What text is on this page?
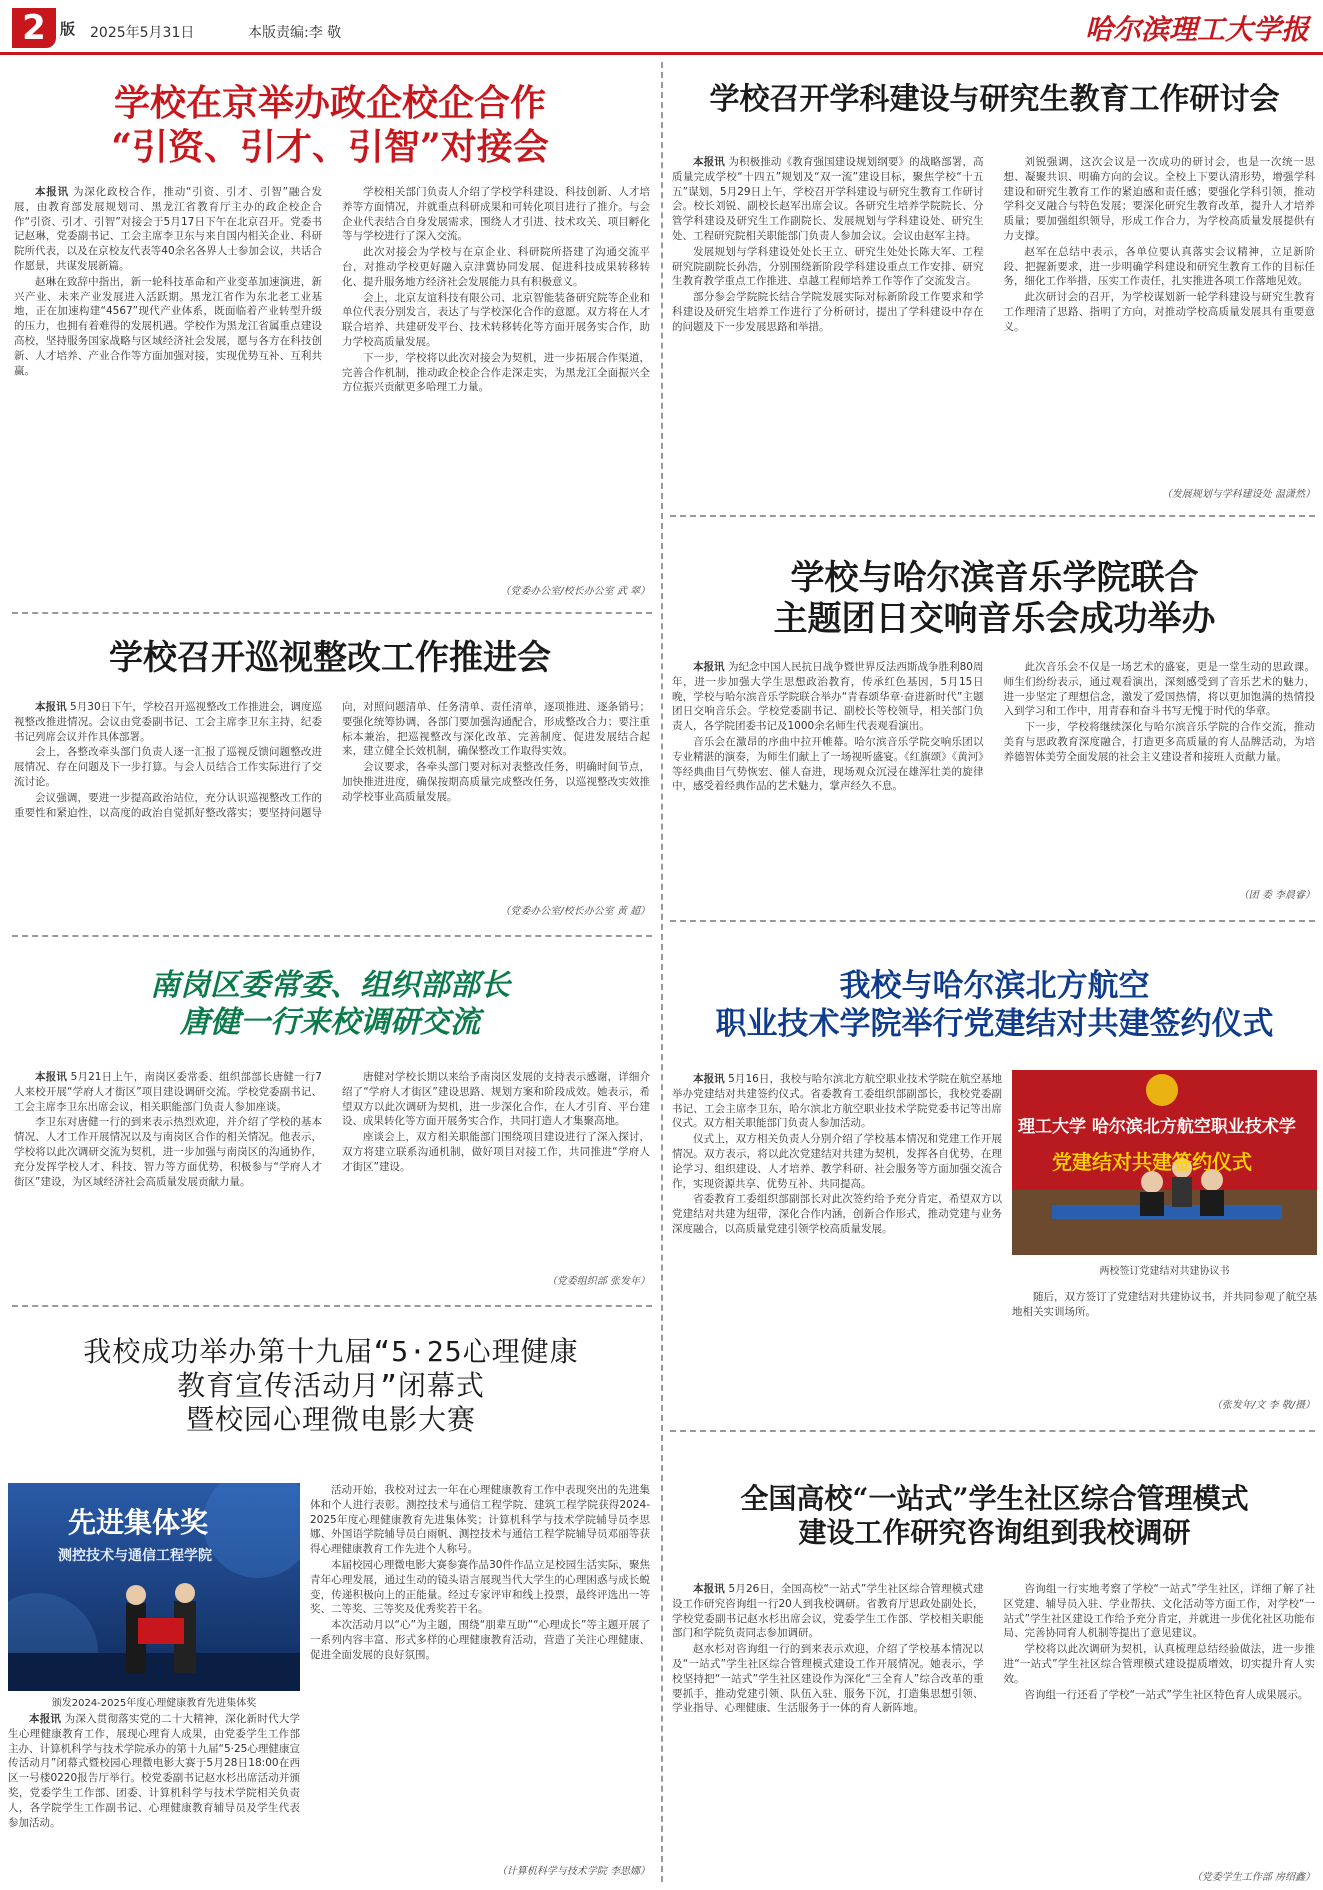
2 版 2025年5月31日	本版责编:李 敬	哈尔滨理工大学报
学校在京举办政企校企合作
“引资、引才、引智”对接会

本报讯 为深化政校合作，推动“引资、引才、引智”融合发展，由教育部发展规划司、黑龙江省教育厅主办的政企校企合作“引资、引才、引智”对接会于5月17日下午在北京召开。党委书记赵琳，党委副书记、工会主席李卫东与来自国内相关企业、科研院所代表，以及在京校友代表等40余名各界人士参加会议，共话合作愿景，共谋发展新篇。

赵琳在致辞中指出，新一轮科技革命和产业变革加速演进，新兴产业、未来产业发展进入活跃期。黑龙江省作为东北老工业基地，正在加速构建“4567”现代产业体系，既面临着产业转型升级的压力，也拥有着难得的发展机遇。学校作为黑龙江省属重点建设高校，坚持服务国家战略与区域经济社会发展，愿与各方在科技创新、人才培养、产业合作等方面加强对接，实现优势互补、互利共赢。

学校相关部门负责人介绍了学校学科建设、科技创新、人才培养等方面情况，并就重点科研成果和可转化项目进行了推介。与会企业代表结合自身发展需求，围绕人才引进、技术攻关、项目孵化等与学校进行了深入交流。

此次对接会为学校与在京企业、科研院所搭建了沟通交流平台，对推动学校更好融入京津冀协同发展、促进科技成果转移转化、提升服务地方经济社会发展能力具有积极意义。

会上，北京友谊科技有限公司、北京智能装备研究院等企业和单位代表分别发言，表达了与学校深化合作的意愿。双方将在人才联合培养、共建研发平台、技术转移转化等方面开展务实合作，助力学校高质量发展。

下一步，学校将以此次对接会为契机，进一步拓展合作渠道，完善合作机制，推动政企校企合作走深走实，为黑龙江全面振兴全方位振兴贡献更多哈理工力量。

（党委办公室/校长办公室 武 翠）
学校召开巡视整改工作推进会

本报讯 5月30日下午，学校召开巡视整改工作推进会，调度巡视整改推进情况。会议由党委副书记、工会主席李卫东主持，纪委书记列席会议并作具体部署。

会上，各整改牵头部门负责人逐一汇报了巡视反馈问题整改进展情况、存在问题及下一步打算。与会人员结合工作实际进行了交流讨论。

会议强调，要进一步提高政治站位，充分认识巡视整改工作的重要性和紧迫性，以高度的政治自觉抓好整改落实；要坚持问题导向，对照问题清单、任务清单、责任清单，逐项推进、逐条销号；要强化统筹协调，各部门要加强沟通配合，形成整改合力；要注重标本兼治，把巡视整改与深化改革、完善制度、促进发展结合起来，建立健全长效机制，确保整改工作取得实效。

会议要求，各牵头部门要对标对表整改任务，明确时间节点，加快推进进度，确保按期高质量完成整改任务，以巡视整改实效推动学校事业高质量发展。

（党委办公室/校长办公室 黄 超）
南岗区委常委、组织部部长
唐健一行来校调研交流

本报讯 5月21日上午，南岗区委常委、组织部部长唐健一行7人来校开展“学府人才街区”项目建设调研交流。学校党委副书记、工会主席李卫东出席会议，相关职能部门负责人参加座谈。

李卫东对唐健一行的到来表示热烈欢迎，并介绍了学校的基本情况、人才工作开展情况以及与南岗区合作的相关情况。他表示，学校将以此次调研交流为契机，进一步加强与南岗区的沟通协作，充分发挥学校人才、科技、智力等方面优势，积极参与“学府人才街区”建设，为区域经济社会高质量发展贡献力量。

唐健对学校长期以来给予南岗区发展的支持表示感谢，详细介绍了“学府人才街区”建设思路、规划方案和阶段成效。她表示，希望双方以此次调研为契机，进一步深化合作，在人才引育、平台建设、成果转化等方面开展务实合作，共同打造人才集聚高地。

座谈会上，双方相关职能部门围绕项目建设进行了深入探讨，双方将建立联系沟通机制，做好项目对接工作，共同推进“学府人才街区”建设。

（党委组织部 张发年）
我校成功举办第十九届“5·25心理健康
教育宣传活动月”闭幕式
暨校园心理微电影大赛
先进集体奖
测控技术与通信工程学院
颁发2024-2025年度心理健康教育先进集体奖

活动开始，我校对过去一年在心理健康教育工作中表现突出的先进集体和个人进行表彰。测控技术与通信工程学院、建筑工程学院获得2024-2025年度心理健康教育先进集体奖；计算机科学与技术学院辅导员李思娜、外国语学院辅导员白雨帆、测控技术与通信工程学院辅导员邓丽等获得心理健康教育工作先进个人称号。

本届校园心理微电影大赛参赛作品30件作品立足校园生活实际，聚焦青年心理发展，通过生动的镜头语言展现当代大学生的心理困惑与成长蜕变，传递积极向上的正能量。经过专家评审和线上投票，最终评选出一等奖、二等奖、三等奖及优秀奖若干名。

本次活动月以“心”为主题，围绕“朋辈互助”“心理成长”等主题开展了一系列内容丰富、形式多样的心理健康教育活动，营造了关注心理健康、促进全面发展的良好氛围。

本报讯 为深入贯彻落实党的二十大精神，深化新时代大学生心理健康教育工作，展现心理育人成果，由党委学生工作部主办、计算机科学与技术学院承办的第十九届“5·25心理健康宣传活动月”闭幕式暨校园心理微电影大赛于5月28日18:00在西区一号楼0220报告厅举行。校党委副书记赵水杉出席活动并颁奖，党委学生工作部、团委、计算机科学与技术学院相关负责人，各学院学生工作副书记、心理健康教育辅导员及学生代表参加活动。

（计算机科学与技术学院 李思娜）
学校召开学科建设与研究生教育工作研讨会

本报讯 为积极推动《教育强国建设规划纲要》的战略部署，高质量完成学校“十四五”规划及“双一流”建设目标，聚焦学校“十五五”谋划，5月29日上午，学校召开学科建设与研究生教育工作研讨会。校长刘锐、副校长赵军出席会议。各研究生培养学院院长、分管学科建设及研究生工作副院长、发展规划与学科建设处、研究生处、工程研究院相关职能部门负责人参加会议。会议由赵军主持。

发展规划与学科建设处处长王立、研究生处处长陈大军、工程研究院副院长孙浩，分别围绕新阶段学科建设重点工作安排、研究生教育教学重点工作推进、卓越工程师培养工作等作了交流发言。

部分参会学院院长结合学院发展实际对标新阶段工作要求和学科建设及研究生培养工作进行了分析研讨，提出了学科建设中存在的问题及下一步发展思路和举措。

刘锐强调，这次会议是一次成功的研讨会，也是一次统一思想、凝聚共识、明确方向的会议。全校上下要认清形势，增强学科建设和研究生教育工作的紧迫感和责任感；要强化学科引领，推动学科交叉融合与特色发展；要深化研究生教育改革，提升人才培养质量；要加强组织领导，形成工作合力，为学校高质量发展提供有力支撑。

赵军在总结中表示，各单位要认真落实会议精神，立足新阶段、把握新要求，进一步明确学科建设和研究生教育工作的目标任务，细化工作举措，压实工作责任，扎实推进各项工作落地见效。

此次研讨会的召开，为学校谋划新一轮学科建设与研究生教育工作理清了思路、指明了方向，对推动学校高质量发展具有重要意义。

（发展规划与学科建设处 温潇然）
学校与哈尔滨音乐学院联合
主题团日交响音乐会成功举办

本报讯 为纪念中国人民抗日战争暨世界反法西斯战争胜利80周年，进一步加强大学生思想政治教育，传承红色基因，5月15日晚，学校与哈尔滨音乐学院联合举办“青春颂华章·奋进新时代”主题团日交响音乐会。学校党委副书记、副校长等校领导，相关部门负责人，各学院团委书记及1000余名师生代表观看演出。

音乐会在激昂的序曲中拉开帷幕。哈尔滨音乐学院交响乐团以专业精湛的演奏，为师生们献上了一场视听盛宴。《红旗颂》《黄河》等经典曲目气势恢宏、催人奋进，现场观众沉浸在雄浑壮美的旋律中，感受着经典作品的艺术魅力，掌声经久不息。

此次音乐会不仅是一场艺术的盛宴，更是一堂生动的思政课。师生们纷纷表示，通过观看演出，深刻感受到了音乐艺术的魅力，进一步坚定了理想信念，激发了爱国热情，将以更加饱满的热情投入到学习和工作中，用青春和奋斗书写无愧于时代的华章。

下一步，学校将继续深化与哈尔滨音乐学院的合作交流，推动美育与思政教育深度融合，打造更多高质量的育人品牌活动，为培养德智体美劳全面发展的社会主义建设者和接班人贡献力量。

（团 委 李晨睿）
我校与哈尔滨北方航空
职业技术学院举行党建结对共建签约仪式
理工大学 哈尔滨北方航空职业技术学
党建结对共建签约仪式
两校签订党建结对共建协议书

本报讯 5月16日，我校与哈尔滨北方航空职业技术学院在航空基地举办党建结对共建签约仪式。省委教育工委组织部副部长，我校党委副书记、工会主席李卫东，哈尔滨北方航空职业技术学院党委书记等出席仪式。双方相关职能部门负责人参加活动。

仪式上，双方相关负责人分别介绍了学校基本情况和党建工作开展情况。双方表示，将以此次党建结对共建为契机，发挥各自优势，在理论学习、组织建设、人才培养、教学科研、社会服务等方面加强交流合作，实现资源共享、优势互补、共同提高。

省委教育工委组织部副部长对此次签约给予充分肯定，希望双方以党建结对共建为纽带，深化合作内涵，创新合作形式，推动党建与业务深度融合，以高质量党建引领学校高质量发展。

随后，双方签订了党建结对共建协议书，并共同参观了航空基地相关实训场所。

（张发年/文 李 敬/摄）
全国高校“一站式”学生社区综合管理模式
建设工作研究咨询组到我校调研

本报讯 5月26日，全国高校“一站式”学生社区综合管理模式建设工作研究咨询组一行20人到我校调研。省教育厅思政处副处长，学校党委副书记赵水杉出席会议，党委学生工作部、学校相关职能部门和学院负责同志参加调研。

赵水杉对咨询组一行的到来表示欢迎，介绍了学校基本情况以及“一站式”学生社区综合管理模式建设工作开展情况。她表示，学校坚持把“一站式”学生社区建设作为深化“三全育人”综合改革的重要抓手，推动党建引领、队伍入驻、服务下沉，打造集思想引领、学业指导、心理健康、生活服务于一体的育人新阵地。

咨询组一行实地考察了学校“一站式”学生社区，详细了解了社区党建、辅导员入驻、学业帮扶、文化活动等方面工作，对学校“一站式”学生社区建设工作给予充分肯定，并就进一步优化社区功能布局、完善协同育人机制等提出了意见建议。

学校将以此次调研为契机，认真梳理总结经验做法，进一步推进“一站式”学生社区综合管理模式建设提质增效，切实提升育人实效。

咨询组一行还看了学校“一站式”学生社区特色育人成果展示。

（党委学生工作部 房绍鑫）
